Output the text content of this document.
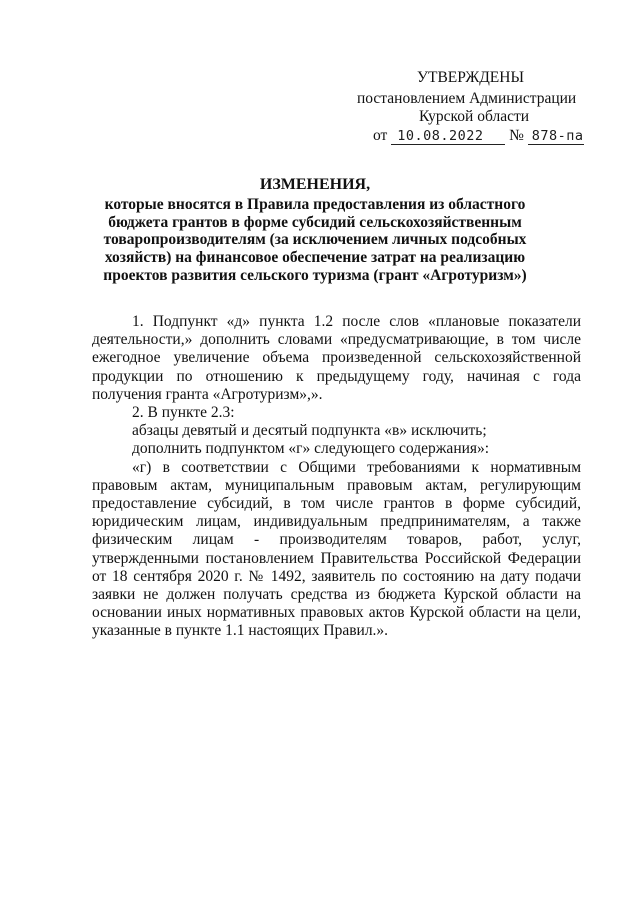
УТВЕРЖДЕНЫ
постановлением Администрации
Курской области
от 10.08.2022 № 878-па
ИЗМЕНЕНИЯ,
которые вносятся в Правила предоставления из областного бюджета грантов в форме субсидий сельскохозяйственным товаропроизводителям (за исключением личных подсобных хозяйств) на финансовое обеспечение затрат на реализацию проектов развития сельского туризма (грант «Агротуризм»)

1. Подпункт «д» пункта 1.2 после слов «плановые показатели деятельности,» дополнить словами «предусматривающие, в том числе ежегодное увеличение объема произведенной сельскохозяйственной продукции по отношению к предыдущему году, начиная с года получения гранта «Агротуризм»,».

2. В пункте 2.3:

абзацы девятый и десятый подпункта «в» исключить;

дополнить подпунктом «г» следующего содержания»:

«г) в соответствии с Общими требованиями к нормативным правовым актам, муниципальным правовым актам, регулирующим предоставление субсидий, в том числе грантов в форме субсидий, юридическим лицам, индивидуальным предпринимателям, а также физическим лицам - производителям товаров, работ, услуг, утвержденными постановлением Правительства Российской Федерации от 18 сентября 2020 г. № 1492, заявитель по состоянию на дату подачи заявки не должен получать средства из бюджета Курской области на основании иных нормативных правовых актов Курской области на цели, указанные в пункте 1.1 настоящих Правил.».
